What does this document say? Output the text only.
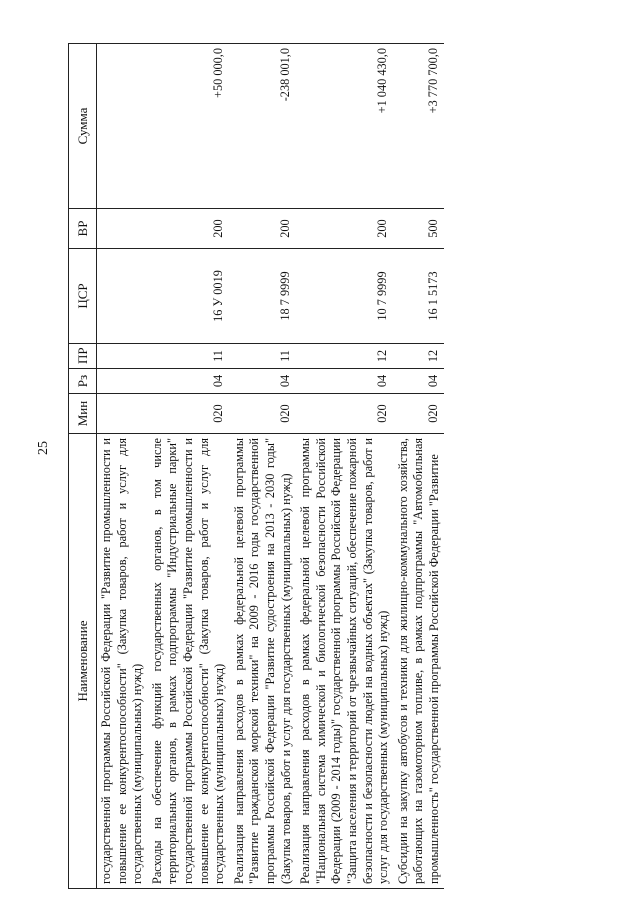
25
Наименование	Мин	Рз	ПР	ЦСР	ВР	Сумма
государственной программы Российской Федерации "Развитие промышленности и повышение ее конкурентоспособности" (Закупка товаров, работ и услуг для государственных (муниципальных) нужд)						
Расходы на обеспечение функций государственных органов, в том числе территориальных органов, в рамках подпрограммы "Индустриальные парки" государственной программы Российской Федерации "Развитие промышленности и повышение ее конкурентоспособности" (Закупка товаров, работ и услуг для государственных (муниципальных) нужд)	020	04	11	16 У 0019	200	+50 000,0
Реализация направления расходов в рамках федеральной целевой программы "Развитие гражданской морской техники" на 2009 - 2016 годы государственной программы Российской Федерации "Развитие судостроения на 2013 - 2030 годы" (Закупка товаров, работ и услуг для государственных (муниципальных) нужд)	020	04	11	18 7 9999	200	-238 001,0
Реализация направления расходов в рамках федеральной целевой программы "Национальная система химической и биологической безопасности Российской Федерации (2009 - 2014 годы)" государственной программы Российской Федерации "Защита населения и территорий от чрезвычайных ситуаций, обеспечение пожарной безопасности и безопасности людей на водных объектах" (Закупка товаров, работ и услуг для государственных (муниципальных) нужд)	020	04	12	10 7 9999	200	+1 040 430,0
Субсидии на закупку автобусов и техники для жилищно-коммунального хозяйства, работающих на газомоторном топливе, в рамках подпрограммы "Автомобильная промышленность" государственной программы Российской Федерации "Развитие	020	04	12	16 1 5173	500	+3 770 700,0
